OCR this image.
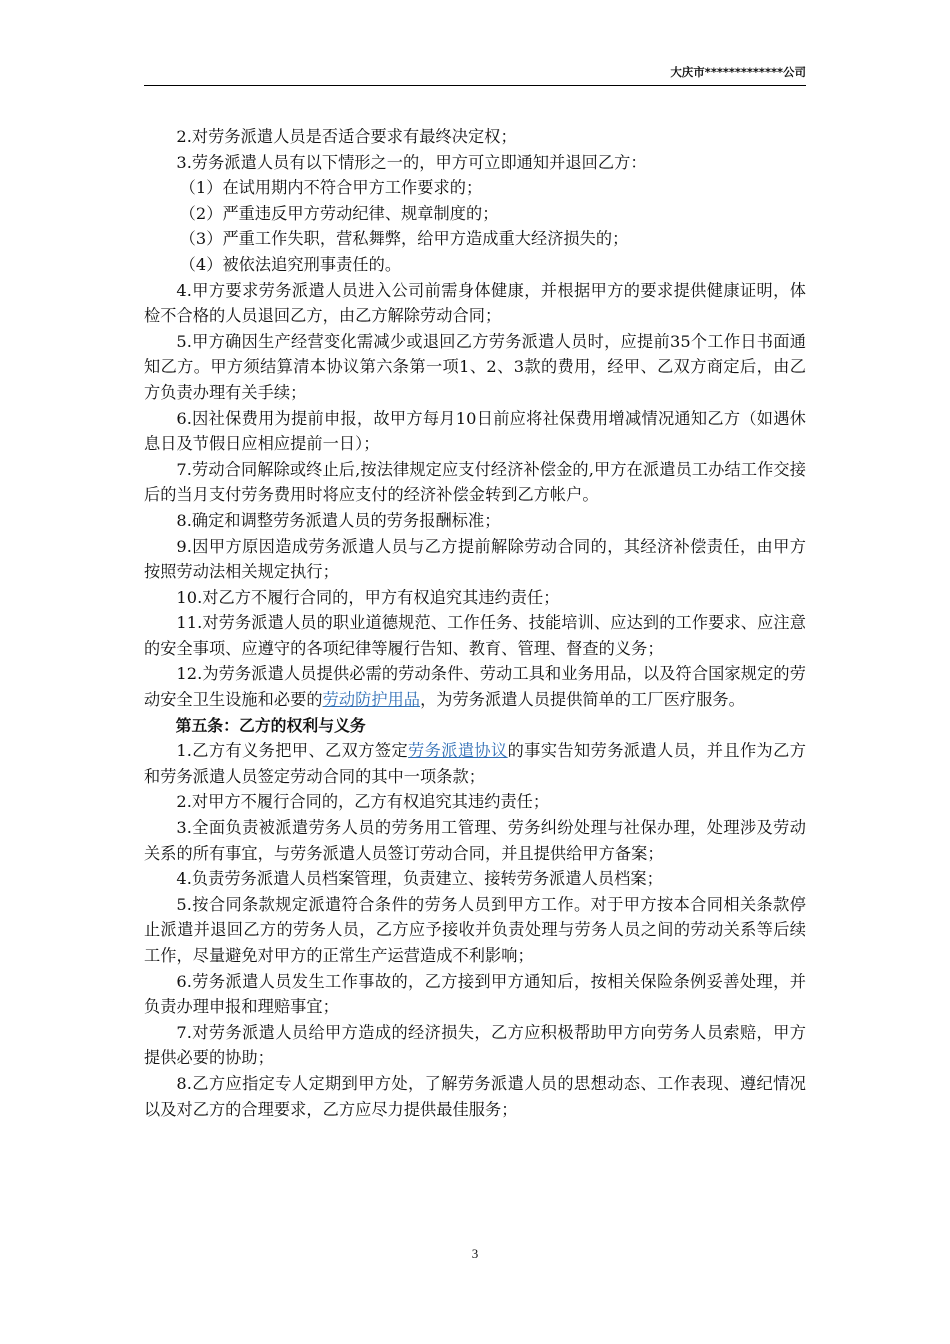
大庆市*************公司

2.对劳务派遣人员是否适合要求有最终决定权；

3.劳务派遣人员有以下情形之一的，甲方可立即通知并退回乙方：

（1）在试用期内不符合甲方工作要求的；

（2）严重违反甲方劳动纪律、规章制度的；

（3）严重工作失职，营私舞弊，给甲方造成重大经济损失的；

（4）被依法追究刑事责任的。

4.甲方要求劳务派遣人员进入公司前需身体健康，并根据甲方的要求提供健康证明，体检不合格的人员退回乙方，由乙方解除劳动合同；

5.甲方确因生产经营变化需减少或退回乙方劳务派遣人员时，应提前35个工作日书面通知乙方。甲方须结算清本协议第六条第一项1、2、3款的费用，经甲、乙双方商定后，由乙方负责办理有关手续；

6.因社保费用为提前申报，故甲方每月10日前应将社保费用增减情况通知乙方（如遇休息日及节假日应相应提前一日）；

7.劳动合同解除或终止后,按法律规定应支付经济补偿金的,甲方在派遣员工办结工作交接后的当月支付劳务费用时将应支付的经济补偿金转到乙方帐户。

8.确定和调整劳务派遣人员的劳务报酬标准；

9.因甲方原因造成劳务派遣人员与乙方提前解除劳动合同的，其经济补偿责任，由甲方按照劳动法相关规定执行；

10.对乙方不履行合同的，甲方有权追究其违约责任；

11.对劳务派遣人员的职业道德规范、工作任务、技能培训、应达到的工作要求、应注意的安全事项、应遵守的各项纪律等履行告知、教育、管理、督查的义务；

12.为劳务派遣人员提供必需的劳动条件、劳动工具和业务用品，以及符合国家规定的劳动安全卫生设施和必要的劳动防护用品，为劳务派遣人员提供简单的工厂医疗服务。

第五条：乙方的权利与义务

1.乙方有义务把甲、乙双方签定劳务派遣协议的事实告知劳务派遣人员，并且作为乙方和劳务派遣人员签定劳动合同的其中一项条款；

2.对甲方不履行合同的，乙方有权追究其违约责任；

3.全面负责被派遣劳务人员的劳务用工管理、劳务纠纷处理与社保办理，处理涉及劳动关系的所有事宜，与劳务派遣人员签订劳动合同，并且提供给甲方备案；

4.负责劳务派遣人员档案管理，负责建立、接转劳务派遣人员档案；

5.按合同条款规定派遣符合条件的劳务人员到甲方工作。对于甲方按本合同相关条款停止派遣并退回乙方的劳务人员，乙方应予接收并负责处理与劳务人员之间的劳动关系等后续工作，尽量避免对甲方的正常生产运营造成不利影响；

6.劳务派遣人员发生工作事故的，乙方接到甲方通知后，按相关保险条例妥善处理，并负责办理申报和理赔事宜；

7.对劳务派遣人员给甲方造成的经济损失，乙方应积极帮助甲方向劳务人员索赔，甲方提供必要的协助；

8.乙方应指定专人定期到甲方处，了解劳务派遣人员的思想动态、工作表现、遵纪情况以及对乙方的合理要求，乙方应尽力提供最佳服务；

3
